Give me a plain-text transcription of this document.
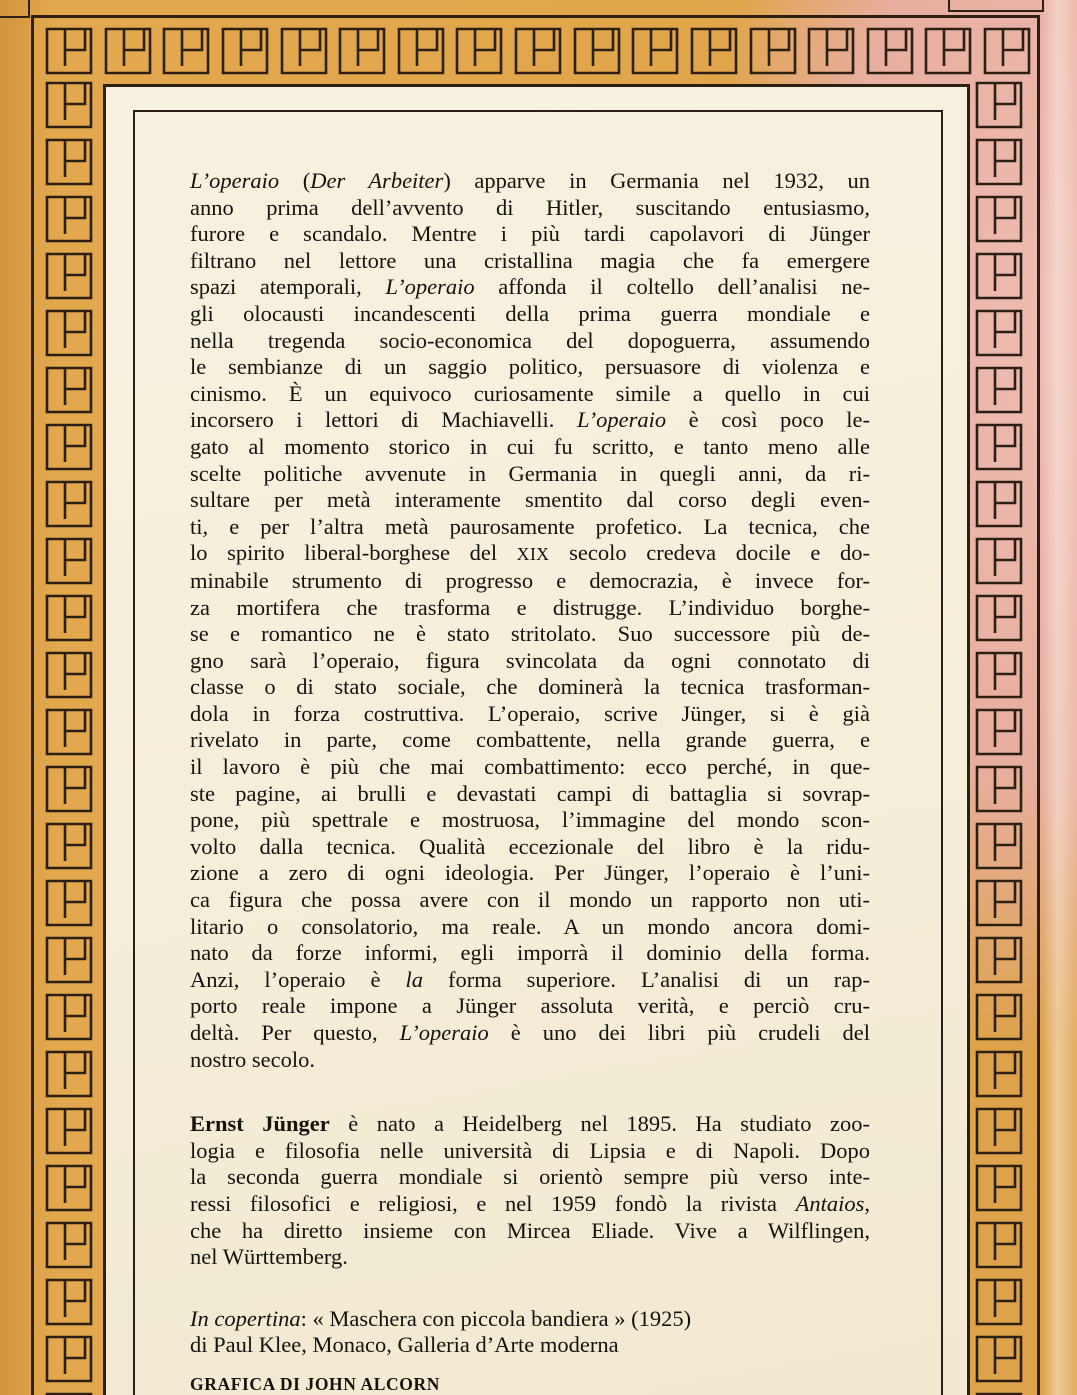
L’operaio (Der Arbeiter) apparve in Germania nel 1932, un
anno prima dell’avvento di Hitler, suscitando entusiasmo,
furore e scandalo. Mentre i più tardi capolavori di Jünger
filtrano nel lettore una cristallina magia che fa emergere
spazi atemporali, L’operaio affonda il coltello dell’analisi ne-
gli olocausti incandescenti della prima guerra mondiale e
nella tregenda socio-economica del dopoguerra, assumendo
le sembianze di un saggio politico, persuasore di violenza e
cinismo. È un equivoco curiosamente simile a quello in cui
incorsero i lettori di Machiavelli. L’operaio è così poco le-
gato al momento storico in cui fu scritto, e tanto meno alle
scelte politiche avvenute in Germania in quegli anni, da ri-
sultare per metà interamente smentito dal corso degli even-
ti, e per l’altra metà paurosamente profetico. La tecnica, che
lo spirito liberal-borghese del XIX secolo credeva docile e do-
minabile strumento di progresso e democrazia, è invece for-
za mortifera che trasforma e distrugge. L’individuo borghe-
se e romantico ne è stato stritolato. Suo successore più de-
gno sarà l’operaio, figura svincolata da ogni connotato di
classe o di stato sociale, che dominerà la tecnica trasforman-
dola in forza costruttiva. L’operaio, scrive Jünger, si è già
rivelato in parte, come combattente, nella grande guerra, e
il lavoro è più che mai combattimento: ecco perché, in que-
ste pagine, ai brulli e devastati campi di battaglia si sovrap-
pone, più spettrale e mostruosa, l’immagine del mondo scon-
volto dalla tecnica. Qualità eccezionale del libro è la ridu-
zione a zero di ogni ideologia. Per Jünger, l’operaio è l’uni-
ca figura che possa avere con il mondo un rapporto non uti-
litario o consolatorio, ma reale. A un mondo ancora domi-
nato da forze informi, egli imporrà il dominio della forma.
Anzi, l’operaio è la forma superiore. L’analisi di un rap-
porto reale impone a Jünger assoluta verità, e perciò cru-
deltà. Per questo, L’operaio è uno dei libri più crudeli del
nostro secolo.
Ernst Jünger è nato a Heidelberg nel 1895. Ha studiato zoo-
logia e filosofia nelle università di Lipsia e di Napoli. Dopo
la seconda guerra mondiale si orientò sempre più verso inte-
ressi filosofici e religiosi, e nel 1959 fondò la rivista Antaios,
che ha diretto insieme con Mircea Eliade. Vive a Wilflingen,
nel Württemberg.
In copertina: « Maschera con piccola bandiera » (1925)
di Paul Klee, Monaco, Galleria d’Arte moderna
GRAFICA DI JOHN ALCORN
